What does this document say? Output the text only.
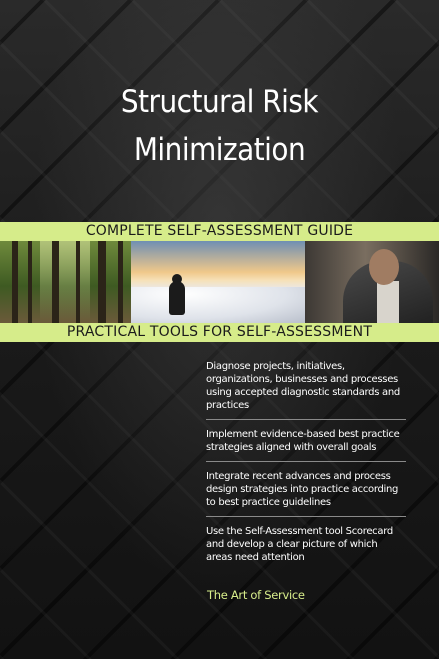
Structural Risk
Minimization
COMPLETE SELF-ASSESSMENT GUIDE
PRACTICAL TOOLS FOR SELF-ASSESSMENT
Diagnose projects, initiatives, organizations, businesses and processes using accepted diagnostic standards and practices
Implement evidence-based best practice strategies aligned with overall goals
Integrate recent advances and process design strategies into practice according to best practice guidelines
Use the Self-Assessment tool Scorecard and develop a clear picture of which areas need attention
The Art of Service
